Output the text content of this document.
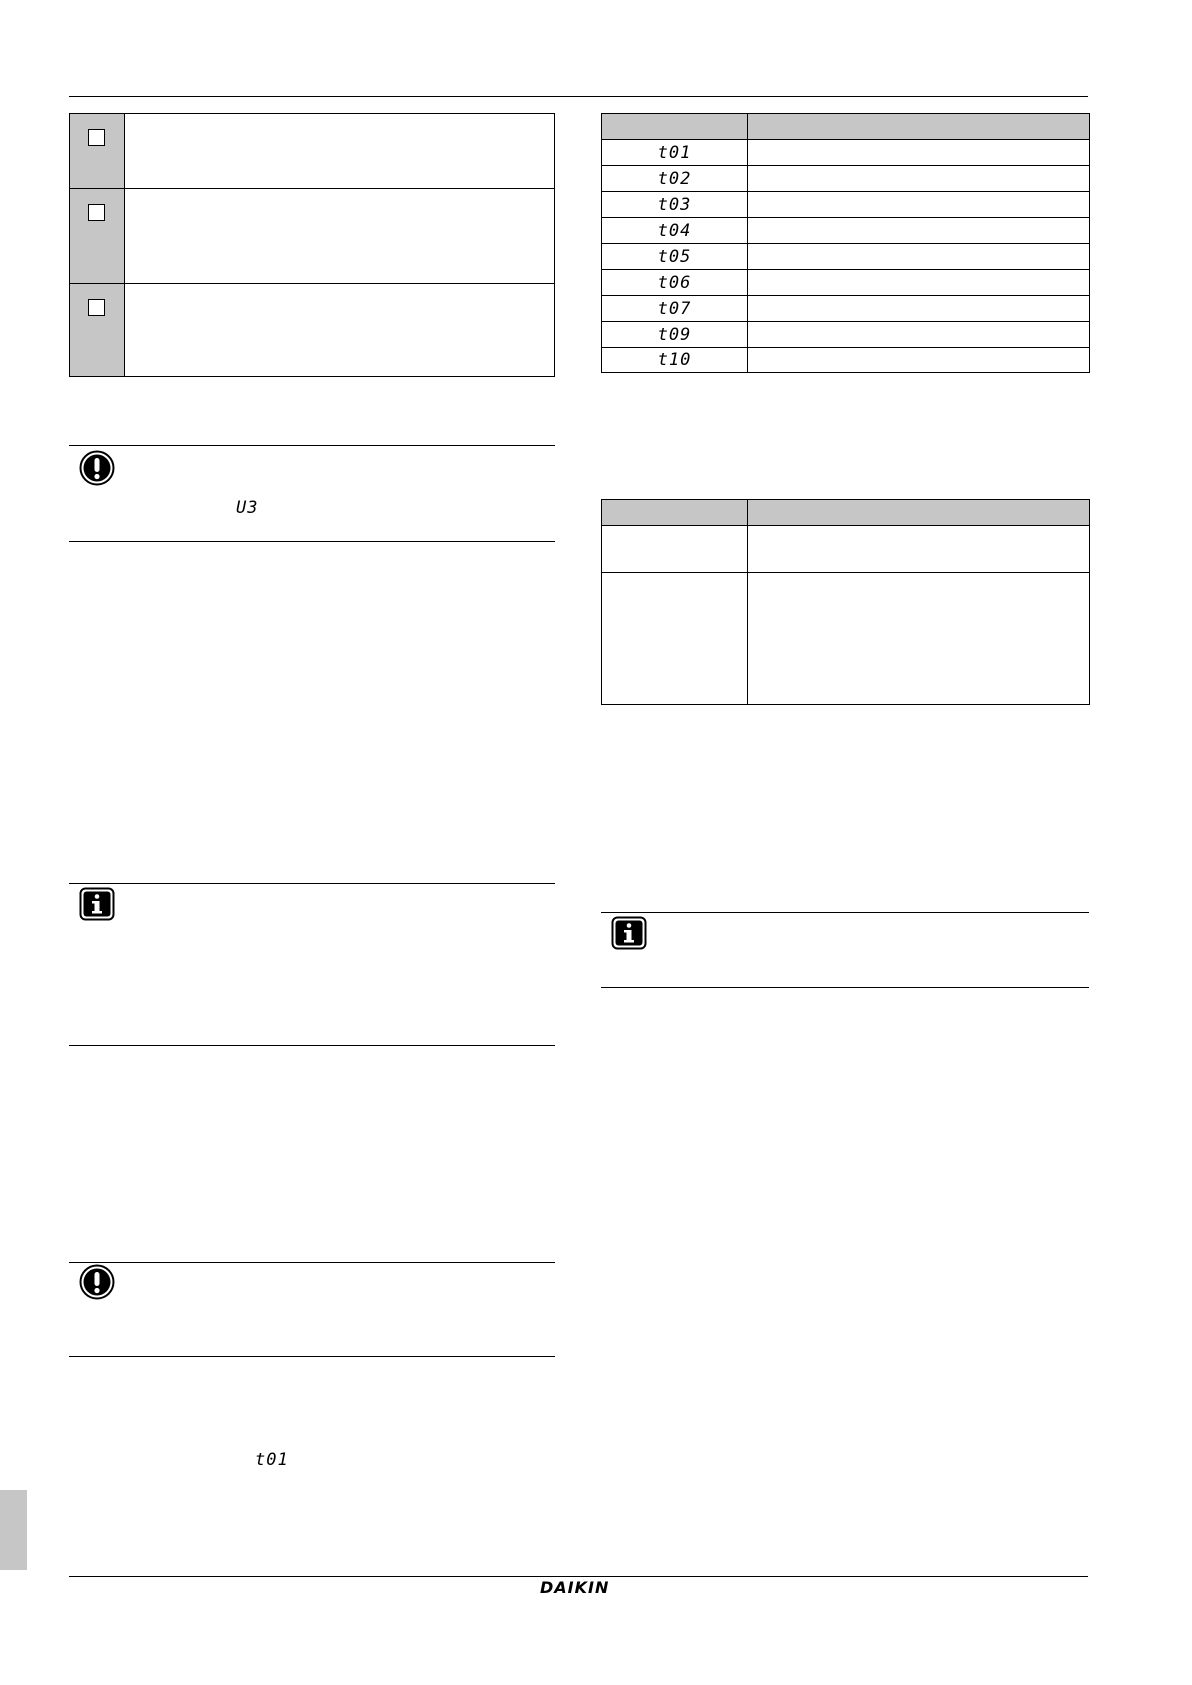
U3
t01

t01	
t02	
t03	
t04	
t05	
t06	
t07	
t09	
t10	

DAIKIN
